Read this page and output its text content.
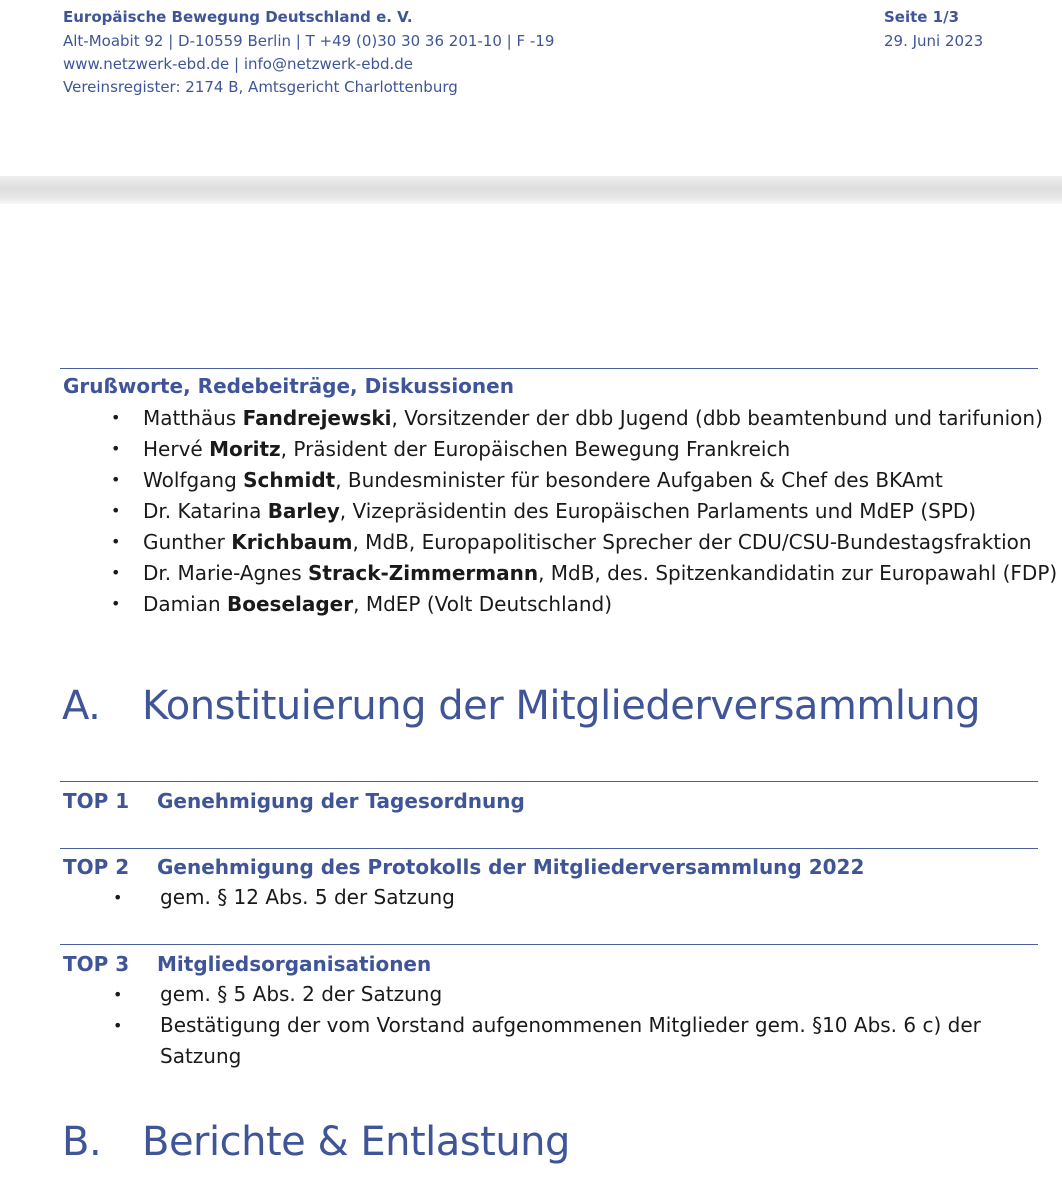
Europäische Bewegung Deutschland e. V.
Alt-Moabit 92 | D-10559 Berlin | T +49 (0)30 30 36 201-10 | F -19
www.netzwerk-ebd.de | info@netzwerk-ebd.de
Vereinsregister: 2174 B, Amtsgericht Charlottenburg
Seite 1/3
29. Juni 2023
Grußworte, Redebeiträge, Diskussionen
• Matthäus Fandrejewski, Vorsitzender der dbb Jugend (dbb beamtenbund und tarifunion)
• Hervé Moritz, Präsident der Europäischen Bewegung Frankreich
• Wolfgang Schmidt, Bundesminister für besondere Aufgaben & Chef des BKAmt
• Dr. Katarina Barley, Vizepräsidentin des Europäischen Parlaments und MdEP (SPD)
• Gunther Krichbaum, MdB, Europapolitischer Sprecher der CDU/CSU-Bundestagsfraktion
• Dr. Marie-Agnes Strack-Zimmermann, MdB, des. Spitzenkandidatin zur Europawahl (FDP)
• Damian Boeselager, MdEP (Volt Deutschland)
A. Konstituierung der Mitgliederversammlung
TOP 1 Genehmigung der Tagesordnung
TOP 2 Genehmigung des Protokolls der Mitgliederversammlung 2022
• gem. § 12 Abs. 5 der Satzung
TOP 3 Mitgliedsorganisationen
• gem. § 5 Abs. 2 der Satzung
• Bestätigung der vom Vorstand aufgenommenen Mitglieder gem. §10 Abs. 6 c) der Satzung
B. Berichte & Entlastung
